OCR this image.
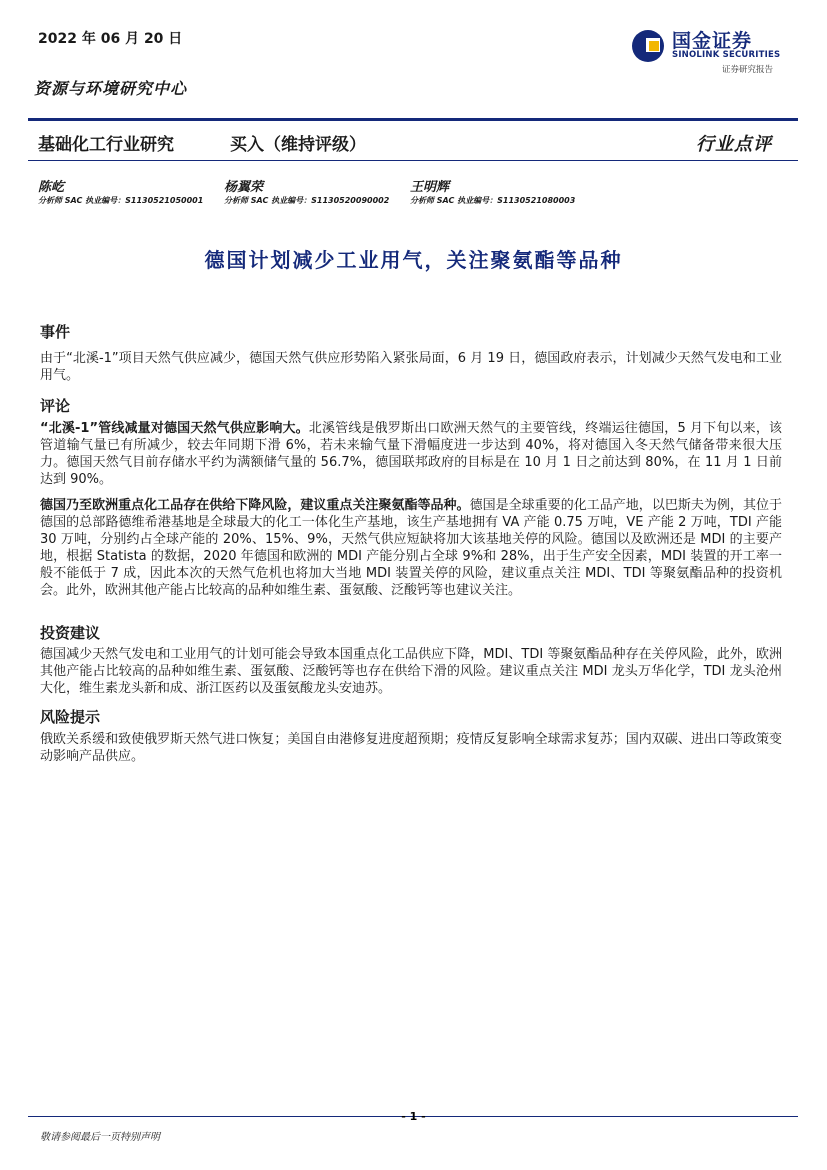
2022 年 06 月 20 日
资源与环境研究中心
国金证券
SINOLINK SECURITIES
证券研究报告
基础化工行业研究	买入（维持评级）	行业点评
陈屹
分析师 SAC 执业编号：S1130521050001
杨翼荣
分析师 SAC 执业编号：S1130520090002
王明辉
分析师 SAC 执业编号：S1130521080003
德国计划减少工业用气，关注聚氨酯等品种
事件
由于“北溪-1”项目天然气供应减少，德国天然气供应形势陷入紧张局面，6 月 19 日，德国政府表示，计划减少天然气发电和工业用气。
评论
“北溪-1”管线减量对德国天然气供应影响大。北溪管线是俄罗斯出口欧洲天然气的主要管线，终端运往德国，5 月下旬以来，该管道输气量已有所减少，较去年同期下滑 6%，若未来输气量下滑幅度进一步达到 40%，将对德国入冬天然气储备带来很大压力。德国天然气目前存储水平约为满额储气量的 56.7%，德国联邦政府的目标是在 10 月 1 日之前达到 80%，在 11 月 1 日前达到 90%。
德国乃至欧洲重点化工品存在供给下降风险，建议重点关注聚氨酯等品种。德国是全球重要的化工品产地，以巴斯夫为例，其位于德国的总部路德维希港基地是全球最大的化工一体化生产基地，该生产基地拥有 VA 产能 0.75 万吨，VE 产能 2 万吨，TDI 产能 30 万吨，分别约占全球产能的 20%、15%、9%，天然气供应短缺将加大该基地关停的风险。德国以及欧洲还是 MDI 的主要产地，根据 Statista 的数据，2020 年德国和欧洲的 MDI 产能分别占全球 9%和 28%，出于生产安全因素，MDI 装置的开工率一般不能低于 7 成，因此本次的天然气危机也将加大当地 MDI 装置关停的风险，建议重点关注 MDI、TDI 等聚氨酯品种的投资机会。此外，欧洲其他产能占比较高的品种如维生素、蛋氨酸、泛酸钙等也建议关注。
投资建议
德国减少天然气发电和工业用气的计划可能会导致本国重点化工品供应下降，MDI、TDI 等聚氨酯品种存在关停风险，此外，欧洲其他产能占比较高的品种如维生素、蛋氨酸、泛酸钙等也存在供给下滑的风险。建议重点关注 MDI 龙头万华化学，TDI 龙头沧州大化，维生素龙头新和成、浙江医药以及蛋氨酸龙头安迪苏。
风险提示
俄欧关系缓和致使俄罗斯天然气进口恢复；美国自由港修复进度超预期；疫情反复影响全球需求复苏；国内双碳、进出口等政策变动影响产品供应。
- 1 -
敬请参阅最后一页特别声明
